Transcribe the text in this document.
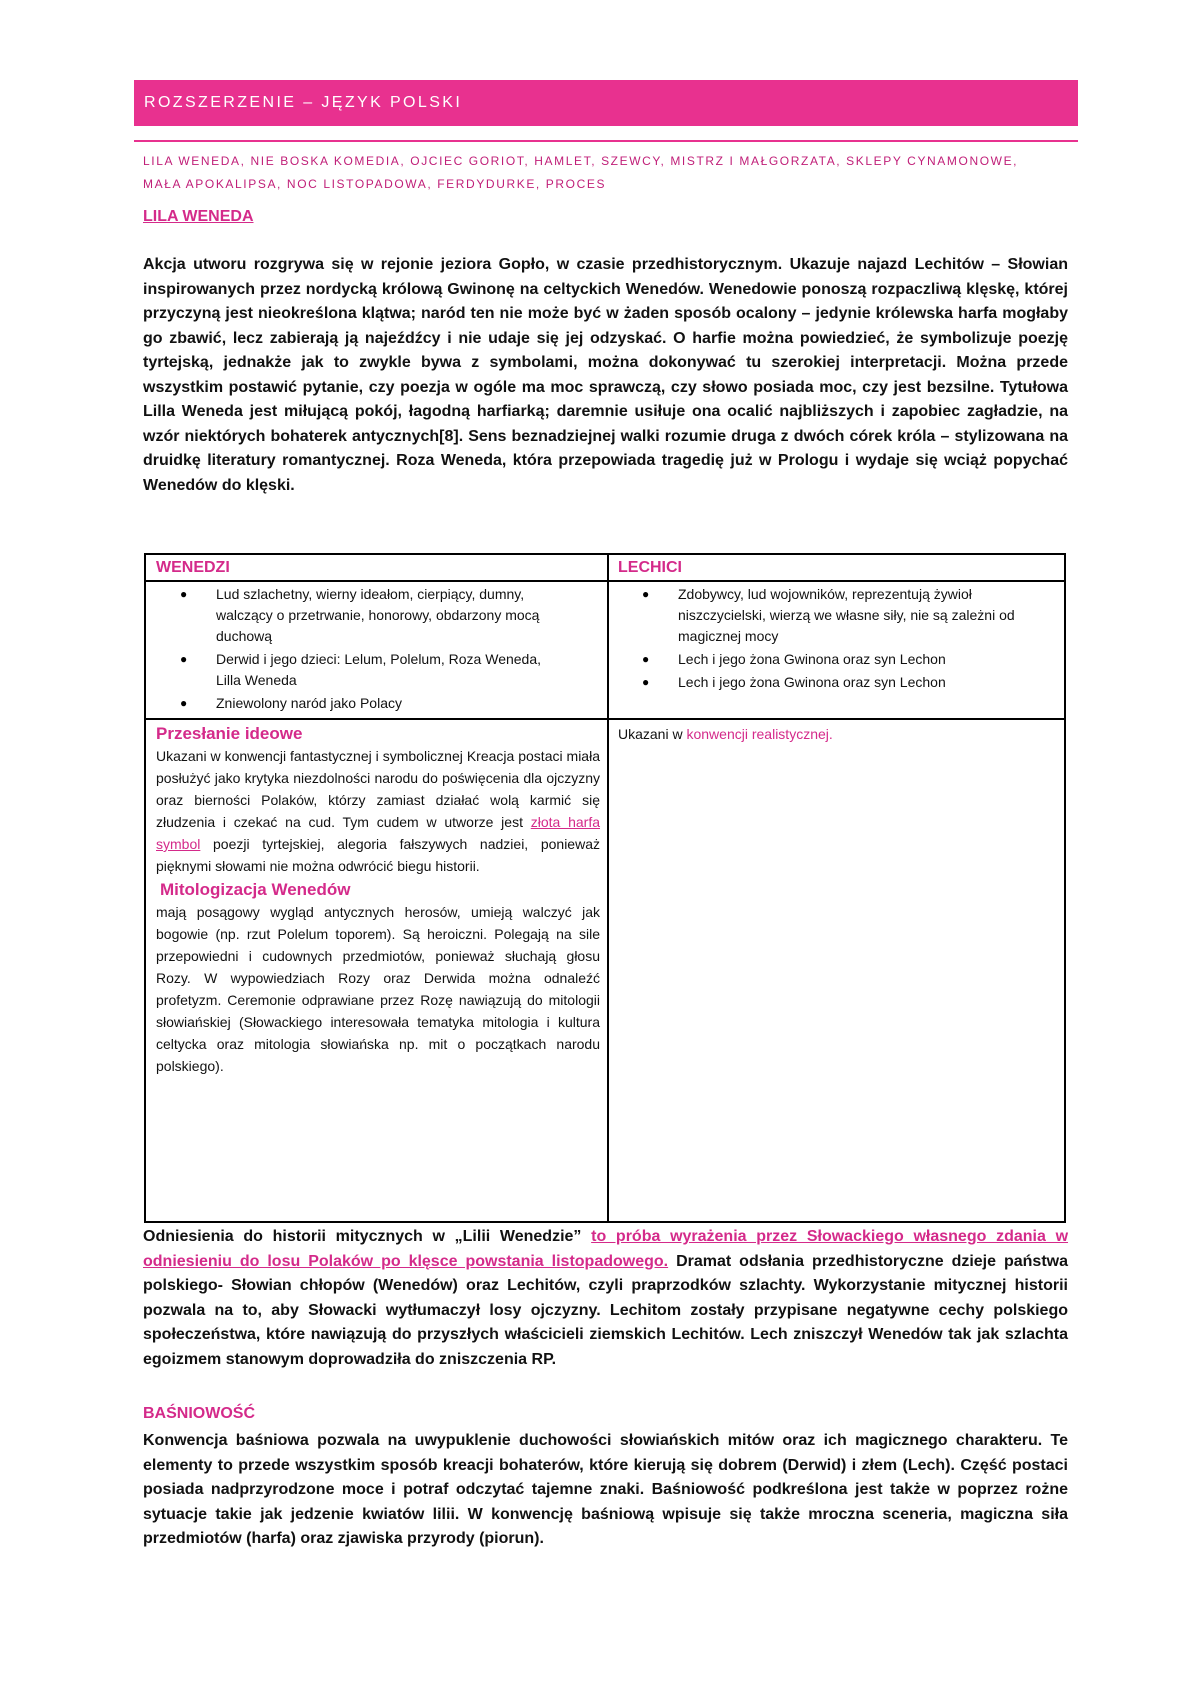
ROZSZERZENIE – JĘZYK POLSKI
LILA WENEDA, NIE BOSKA KOMEDIA, OJCIEC GORIOT, HAMLET, SZEWCY, MISTRZ I MAŁGORZATA, SKLEPY CYNAMONOWE, MAŁA APOKALIPSA, NOC LISTOPADOWA, FERDYDURKE, PROCES
LILA WENEDA

Akcja utworu rozgrywa się w rejonie jeziora Gopło, w czasie przedhistorycznym. Ukazuje najazd Lechitów – Słowian inspirowanych przez nordycką królową Gwinonę na celtyckich Wenedów. Wenedowie ponoszą rozpaczliwą klęskę, której przyczyną jest nieokreślona klątwa; naród ten nie może być w żaden sposób ocalony – jedynie królewska harfa mogłaby go zbawić, lecz zabierają ją najeźdźcy i nie udaje się jej odzyskać. O harfie można powiedzieć, że symbolizuje poezję tyrtejską, jednakże jak to zwykle bywa z symbolami, można dokonywać tu szerokiej interpretacji. Można przede wszystkim postawić pytanie, czy poezja w ogóle ma moc sprawczą, czy słowo posiada moc, czy jest bezsilne. Tytułowa Lilla Weneda jest miłującą pokój, łagodną harfiarką; daremnie usiłuje ona ocalić najbliższych i zapobiec zagładzie, na wzór niektórych bohaterek antycznych[8]. Sens beznadziejnej walki rozumie druga z dwóch córek króla – stylizowana na druidkę literatury romantycznej. Roza Weneda, która przepowiada tragedię już w Prologu i wydaje się wciąż popychać Wenedów do klęski.

WENEDZI	LECHICI
● Lud szlachetny, wierny ideałom, cierpiący, dumny, walczący o przetrwanie, honorowy, obdarzony mocą duchową
● Derwid i jego dzieci: Lelum, Polelum, Roza Weneda, Lilla Weneda
● Zniewolony naród jako Polacy
● Zdobywcy, lud wojowników, reprezentują żywioł niszczycielski, wierzą we własne siły, nie są zależni od magicznej mocy
● Lech i jego żona Gwinona oraz syn Lechon
● Lech i jego żona Gwinona oraz syn Lechon
Przesłanie ideowe
Ukazani w konwencji fantastycznej i symbolicznej Kreacja postaci miała posłużyć jako krytyka niezdolności narodu do poświęcenia dla ojczyzny oraz bierności Polaków, którzy zamiast działać wolą karmić się złudzenia i czekać na cud. Tym cudem w utworze jest złota harfa symbol poezji tyrtejskiej, alegoria fałszywych nadziei, ponieważ pięknymi słowami nie można odwrócić biegu historii.
Mitologizacja Wenedów
mają posągowy wygląd antycznych herosów, umieją walczyć jak bogowie (np. rzut Polelum toporem). Są heroiczni. Polegają na sile przepowiedni i cudownych przedmiotów, ponieważ słuchają głosu Rozy. W wypowiedziach Rozy oraz Derwida można odnaleźć profetyzm. Ceremonie odprawiane przez Rozę nawiązują do mitologii słowiańskiej (Słowackiego interesowała tematyka mitologia i kultura celtycka oraz mitologia słowiańska np. mit o początkach narodu polskiego).
Ukazani w konwencji realistycznej.

Odniesienia do historii mitycznych w „Lilii Wenedzie” to próba wyrażenia przez Słowackiego własnego zdania w odniesieniu do losu Polaków po klęsce powstania listopadowego. Dramat odsłania przedhistoryczne dzieje państwa polskiego- Słowian chłopów (Wenedów) oraz Lechitów, czyli praprzodków szlachty. Wykorzystanie mitycznej historii pozwala na to, aby Słowacki wytłumaczył losy ojczyzny. Lechitom zostały przypisane negatywne cechy polskiego społeczeństwa, które nawiązują do przyszłych właścicieli ziemskich Lechitów. Lech zniszczył Wenedów tak jak szlachta egoizmem stanowym doprowadziła do zniszczenia RP.

BAŚNIOWOŚĆ

Konwencja baśniowa pozwala na uwypuklenie duchowości słowiańskich mitów oraz ich magicznego charakteru. Te elementy to przede wszystkim sposób kreacji bohaterów, które kierują się dobrem (Derwid) i złem (Lech). Część postaci posiada nadprzyrodzone moce i potraf odczytać tajemne znaki. Baśniowość podkreślona jest także w poprzez rożne sytuacje takie jak jedzenie kwiatów lilii. W konwencję baśniową wpisuje się także mroczna sceneria, magiczna siła przedmiotów (harfa) oraz zjawiska przyrody (piorun).
